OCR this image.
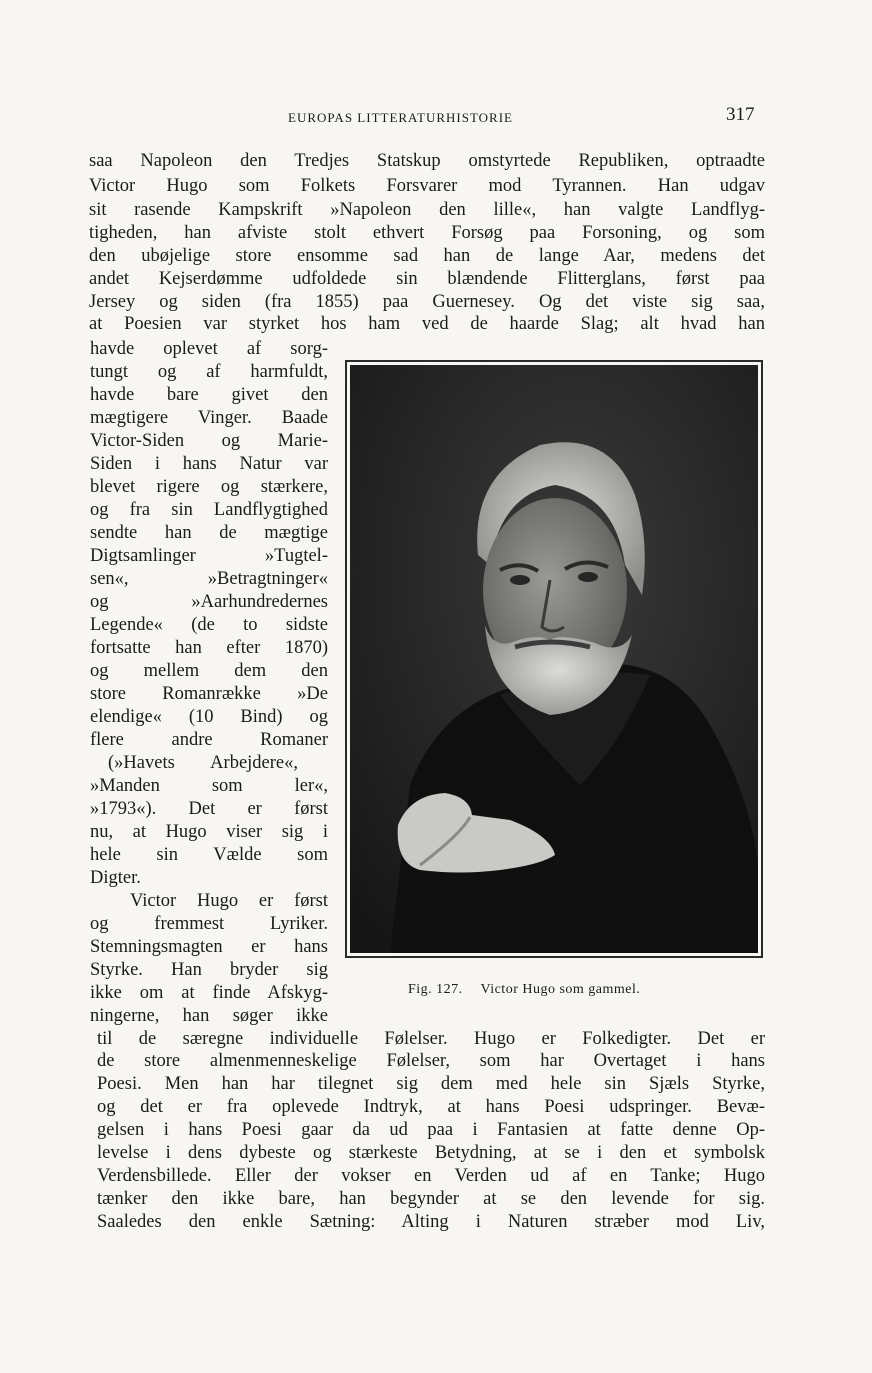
EUROPAS LITTERATURHISTORIE	317
saa Napoleon den Tredjes Statskup omstyrtede Republiken, optraadte
Victor Hugo som Folkets Forsvarer mod Tyrannen. Han udgav
sit rasende Kampskrift »Napoleon den lille«, han valgte Landflyg-
tigheden, han afviste stolt ethvert Forsøg paa Forsoning, og som
den ubøjelige store ensomme sad han de lange Aar, medens det
andet Kejserdømme udfoldede sin blændende Flitterglans, først paa
Jersey og siden (fra 1855) paa Guernesey. Og det viste sig saa,
at Poesien var styrket hos ham ved de haarde Slag; alt hvad han
havde oplevet af sorg-
tungt og af harmfuldt,
havde bare givet den
mægtigere Vinger. Baade
Victor-Siden og Marie-
Siden i hans Natur var
blevet rigere og stærkere,
og fra sin Landflygtighed
sendte han de mægtige
Digtsamlinger »Tugtel-
sen«, »Betragtninger«
og »Aarhundredernes
Legende« (de to sidste
fortsatte han efter 1870)
og mellem dem den
store Romanrække »De
elendige« (10 Bind) og
flere andre Romaner
(»Havets Arbejdere«,
»Manden som ler«,
»1793«). Det er først
nu, at Hugo viser sig i
hele sin Vælde som
Digter.
Victor Hugo er først
og fremmest Lyriker.
Stemningsmagten er hans
Styrke. Han bryder sig
ikke om at finde Afskyg-
ningerne, han søger ikke
Fig. 127. Victor Hugo som gammel.
til de særegne individuelle Følelser. Hugo er Folkedigter. Det er
de store almenmenneskelige Følelser, som har Overtaget i hans
Poesi. Men han har tilegnet sig dem med hele sin Sjæls Styrke,
og det er fra oplevede Indtryk, at hans Poesi udspringer. Bevæ-
gelsen i hans Poesi gaar da ud paa i Fantasien at fatte denne Op-
levelse i dens dybeste og stærkeste Betydning, at se i den et symbolsk
Verdensbillede. Eller der vokser en Verden ud af en Tanke; Hugo
tænker den ikke bare, han begynder at se den levende for sig.
Saaledes den enkle Sætning: Alting i Naturen stræber mod Liv,
